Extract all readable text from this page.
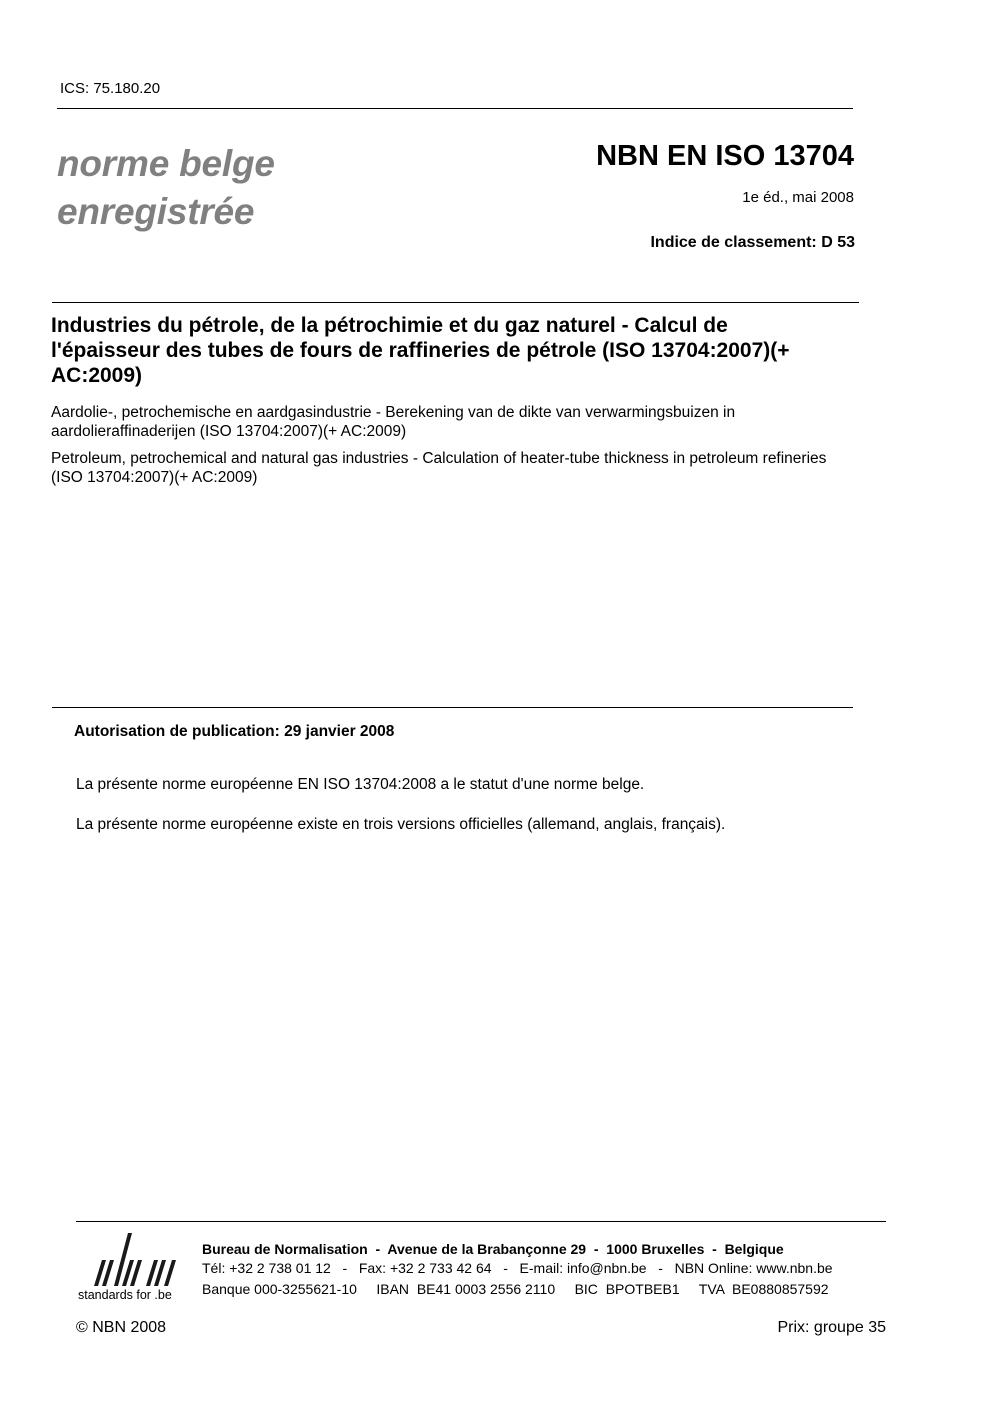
ICS: 75.180.20
norme belge
enregistrée
NBN EN ISO 13704
1e éd., mai 2008
Indice de classement: D 53
Industries du pétrole, de la pétrochimie et du gaz naturel - Calcul de l'épaisseur des tubes de fours de raffineries de pétrole (ISO 13704:2007)(+ AC:2009)
Aardolie-, petrochemische en aardgasindustrie - Berekening van de dikte van verwarmingsbuizen in aardolieraffinaderijen (ISO 13704:2007)(+ AC:2009)
Petroleum, petrochemical and natural gas industries - Calculation of heater-tube thickness in petroleum refineries (ISO 13704:2007)(+ AC:2009)
Autorisation de publication: 29 janvier 2008
La présente norme européenne EN ISO 13704:2008 a le statut d'une norme belge.
La présente norme européenne existe en trois versions officielles (allemand, anglais, français).
standards for .be
Bureau de Normalisation  -  Avenue de la Brabançonne 29  -  1000 Bruxelles  -  Belgique
Tél: +32 2 738 01 12   -   Fax: +32 2 733 42 64   -   E-mail: info@nbn.be   -   NBN Online: www.nbn.be
Banque 000-3255621-10     IBAN  BE41 0003 2556 2110     BIC  BPOTBEB1     TVA  BE0880857592
© NBN 2008	Prix: groupe 35
